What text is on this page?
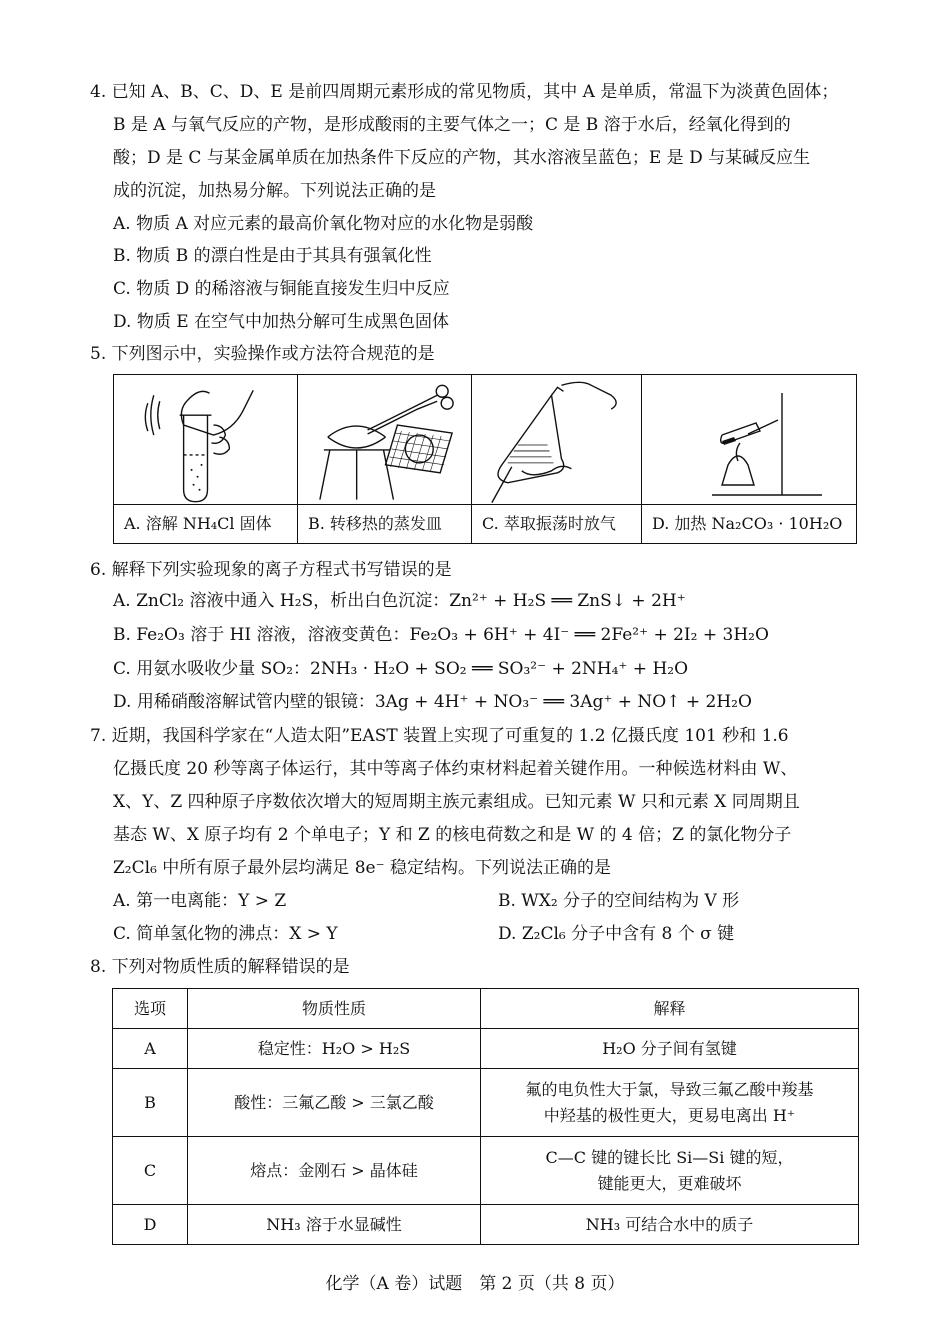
4. 已知 A、B、C、D、E 是前四周期元素形成的常见物质，其中 A 是单质，常温下为淡黄色固体；
B 是 A 与氧气反应的产物，是形成酸雨的主要气体之一；C 是 B 溶于水后，经氧化得到的
酸；D 是 C 与某金属单质在加热条件下反应的产物，其水溶液呈蓝色；E 是 D 与某碱反应生
成的沉淀，加热易分解。下列说法正确的是
A. 物质 A 对应元素的最高价氧化物对应的水化物是弱酸
B. 物质 B 的漂白性是由于其具有强氧化性
C. 物质 D 的稀溶液与铜能直接发生归中反应
D. 物质 E 在空气中加热分解可生成黑色固体
5. 下列图示中，实验操作或方法符合规范的是
A. 溶解 NH₄Cl 固体	B. 转移热的蒸发皿	C. 萃取振荡时放气	D. 加热 Na₂CO₃ · 10H₂O
6. 解释下列实验现象的离子方程式书写错误的是
A. ZnCl₂ 溶液中通入 H₂S，析出白色沉淀：Zn²⁺ + H₂S ══ ZnS↓ + 2H⁺
B. Fe₂O₃ 溶于 HI 溶液，溶液变黄色：Fe₂O₃ + 6H⁺ + 4I⁻ ══ 2Fe²⁺ + 2I₂ + 3H₂O
C. 用氨水吸收少量 SO₂：2NH₃ · H₂O + SO₂ ══ SO₃²⁻ + 2NH₄⁺ + H₂O
D. 用稀硝酸溶解试管内壁的银镜：3Ag + 4H⁺ + NO₃⁻ ══ 3Ag⁺ + NO↑ + 2H₂O
7. 近期，我国科学家在“人造太阳”EAST 装置上实现了可重复的 1.2 亿摄氏度 101 秒和 1.6
亿摄氏度 20 秒等离子体运行，其中等离子体约束材料起着关键作用。一种候选材料由 W、
X、Y、Z 四种原子序数依次增大的短周期主族元素组成。已知元素 W 只和元素 X 同周期且
基态 W、X 原子均有 2 个单电子；Y 和 Z 的核电荷数之和是 W 的 4 倍；Z 的氯化物分子
Z₂Cl₆ 中所有原子最外层均满足 8e⁻ 稳定结构。下列说法正确的是
A. 第一电离能：Y > Z	B. WX₂ 分子的空间结构为 V 形
C. 简单氢化物的沸点：X > Y	D. Z₂Cl₆ 分子中含有 8 个 σ 键
8. 下列对物质性质的解释错误的是
选项	物质性质	解释
A	稳定性：H₂O > H₂S	H₂O 分子间有氢键
B	酸性：三氟乙酸 > 三氯乙酸	氟的电负性大于氯，导致三氟乙酸中羧基
中羟基的极性更大，更易电离出 H⁺

C	熔点：金刚石 > 晶体硅	C—C 键的键长比 Si—Si 键的短，
键能更大，更难破坏

D	NH₃ 溶于水显碱性	NH₃ 可结合水中的质子
化学（A 卷）试题　第 2 页（共 8 页）
